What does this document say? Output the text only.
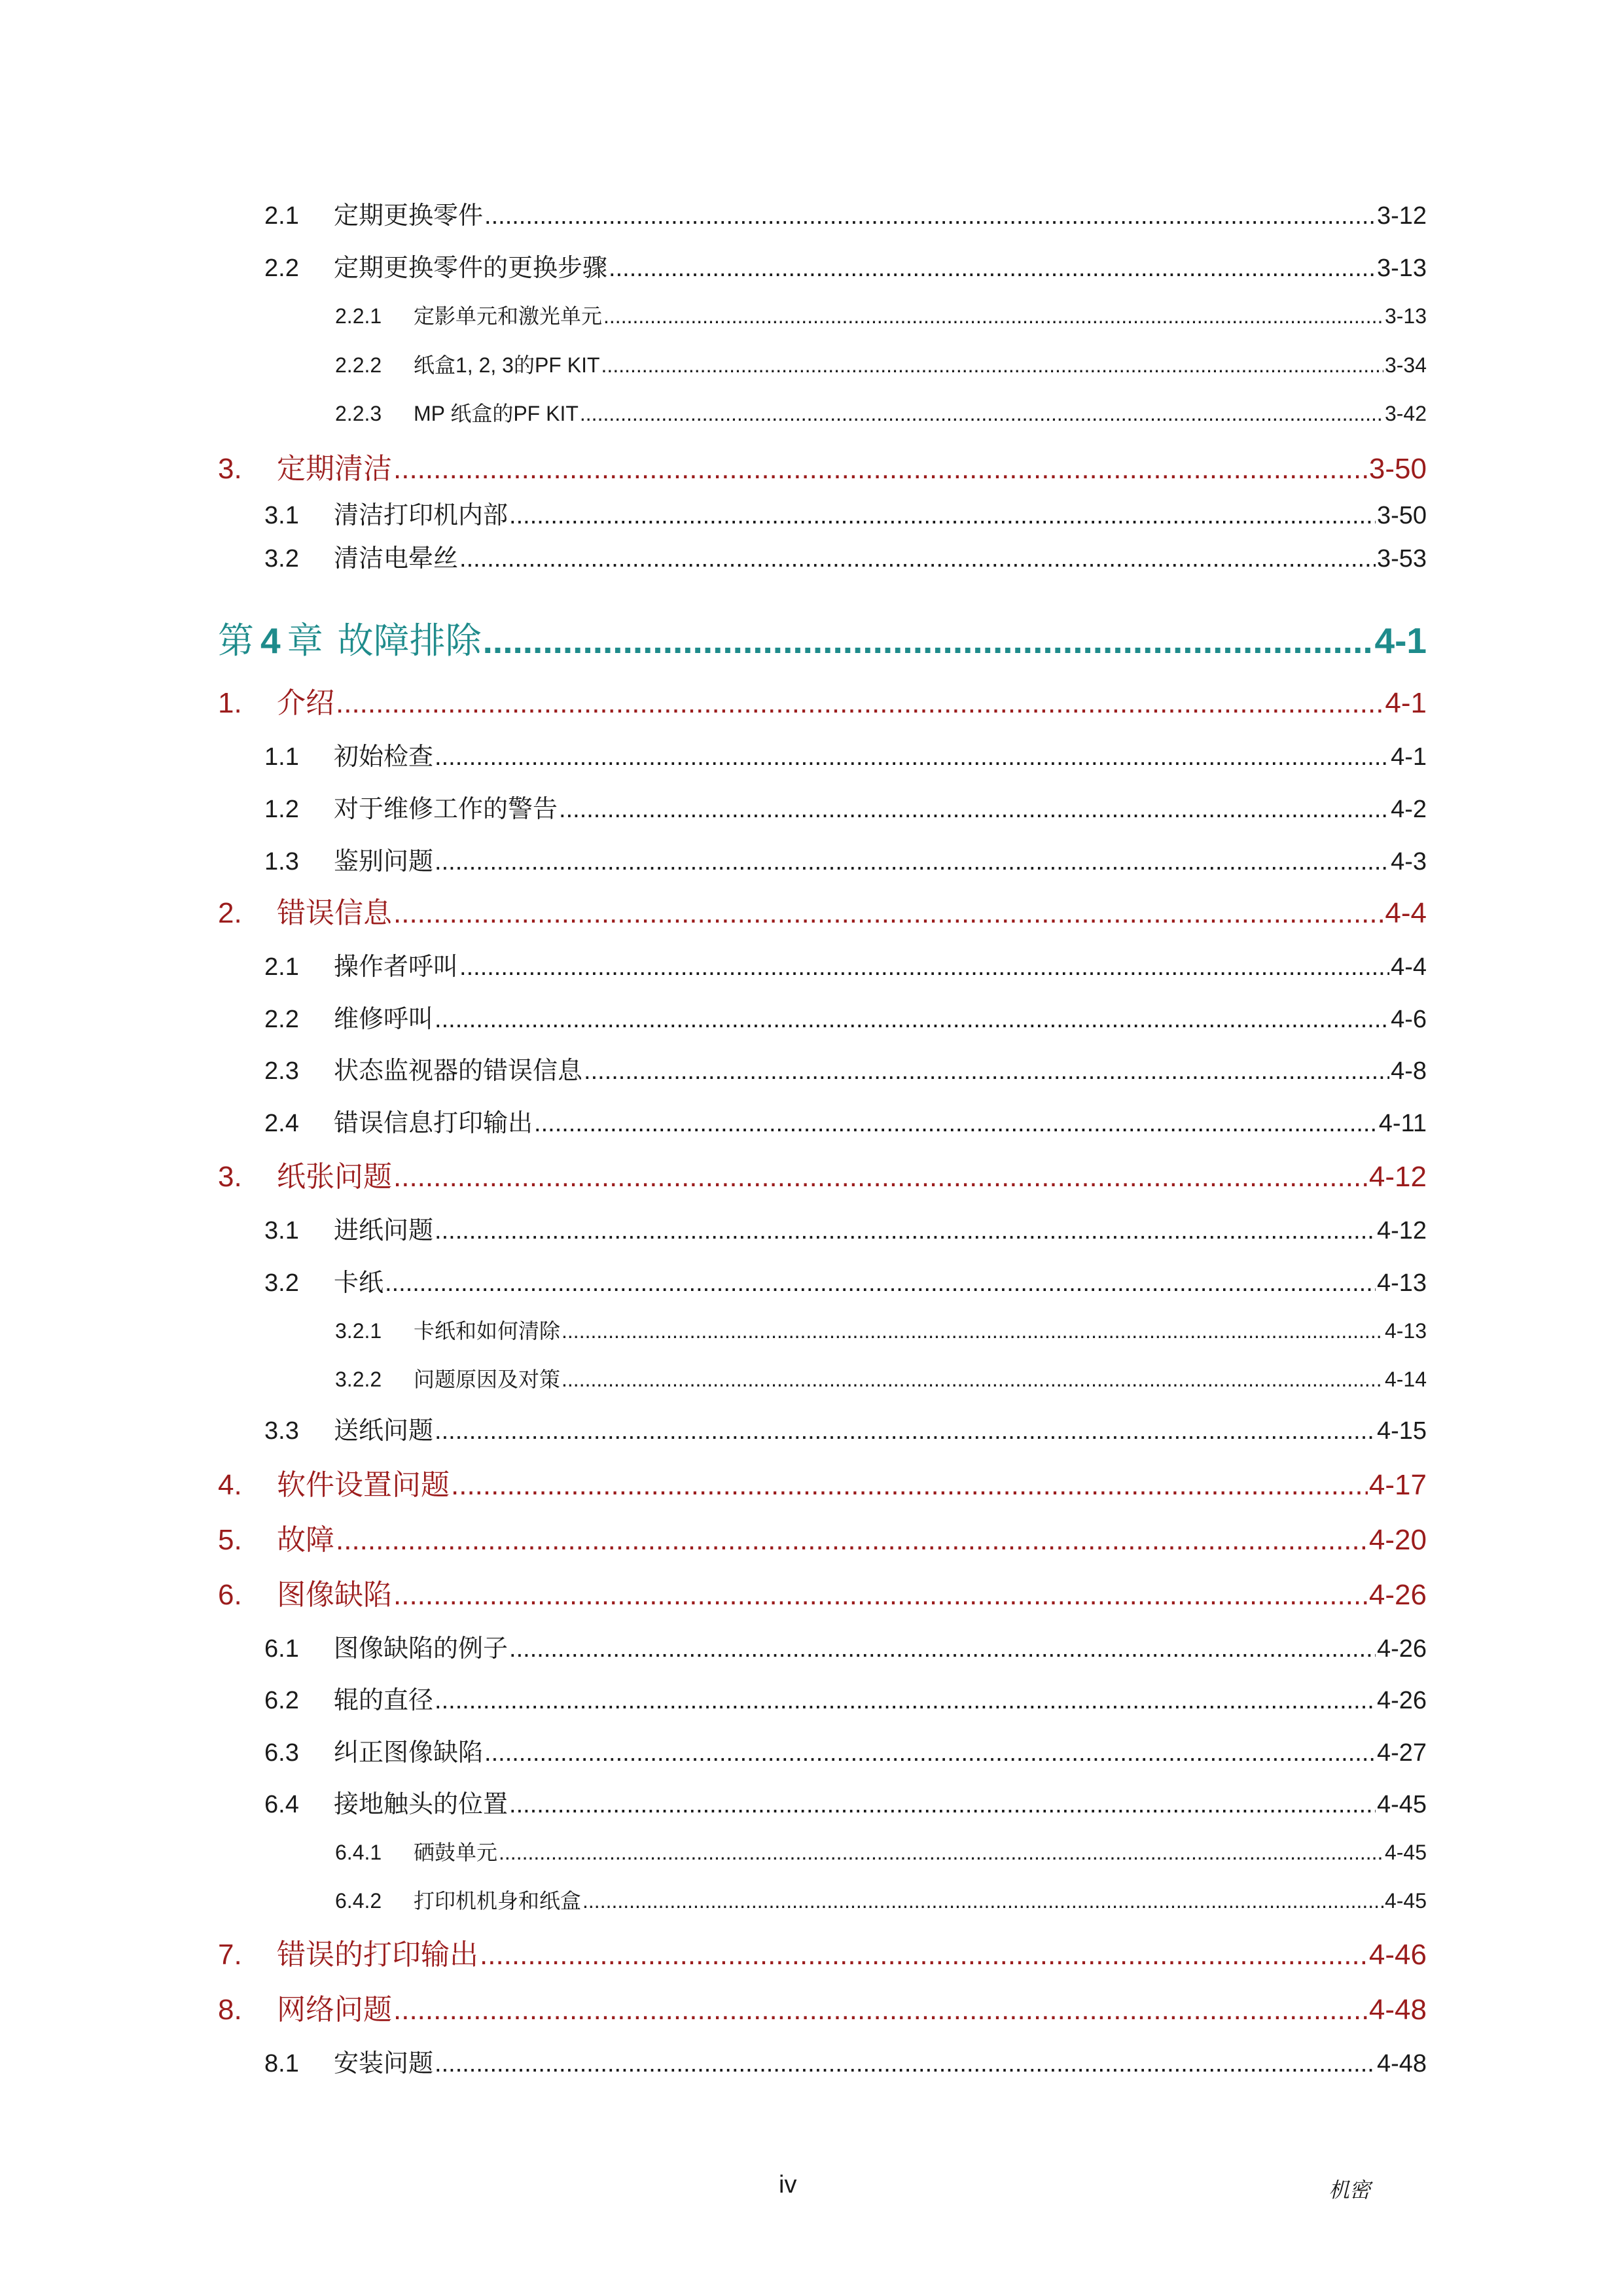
2.1	定期更换零件 .....	3-12
2.2	定期更换零件的更换步骤 .....	3-13
2.2.1	定影单元和激光单元 .....	3-13
2.2.2	纸盒1, 2, 3的PF KIT .....	3-34
2.2.3	MP 纸盒的PF KIT .....	3-42
3.	定期清洁 .....	3-50
3.1	清洁打印机内部 .....	3-50
3.2	清洁电晕丝 .....	3-53
第 4 章 故障排除 .....	4-1
1.	介绍 .....	4-1
1.1	初始检查 .....	4-1
1.2	对于维修工作的警告 .....	4-2
1.3	鉴别问题 .....	4-3
2.	错误信息 .....	4-4
2.1	操作者呼叫 .....	4-4
2.2	维修呼叫 .....	4-6
2.3	状态监视器的错误信息 .....	4-8
2.4	错误信息打印输出 .....	4-11
3.	纸张问题 .....	4-12
3.1	进纸问题 .....	4-12
3.2	卡纸 .....	4-13
3.2.1	卡纸和如何清除 .....	4-13
3.2.2	问题原因及对策 .....	4-14
3.3	送纸问题 .....	4-15
4.	软件设置问题 .....	4-17
5.	故障 .....	4-20
6.	图像缺陷 .....	4-26
6.1	图像缺陷的例子 .....	4-26
6.2	辊的直径 .....	4-26
6.3	纠正图像缺陷 .....	4-27
6.4	接地触头的位置 .....	4-45
6.4.1	硒鼓单元 .....	4-45
6.4.2	打印机机身和纸盒 .....	4-45
7.	错误的打印输出 .....	4-46
8.	网络问题 .....	4-48
8.1	安装问题 .....	4-48
iv	机密
